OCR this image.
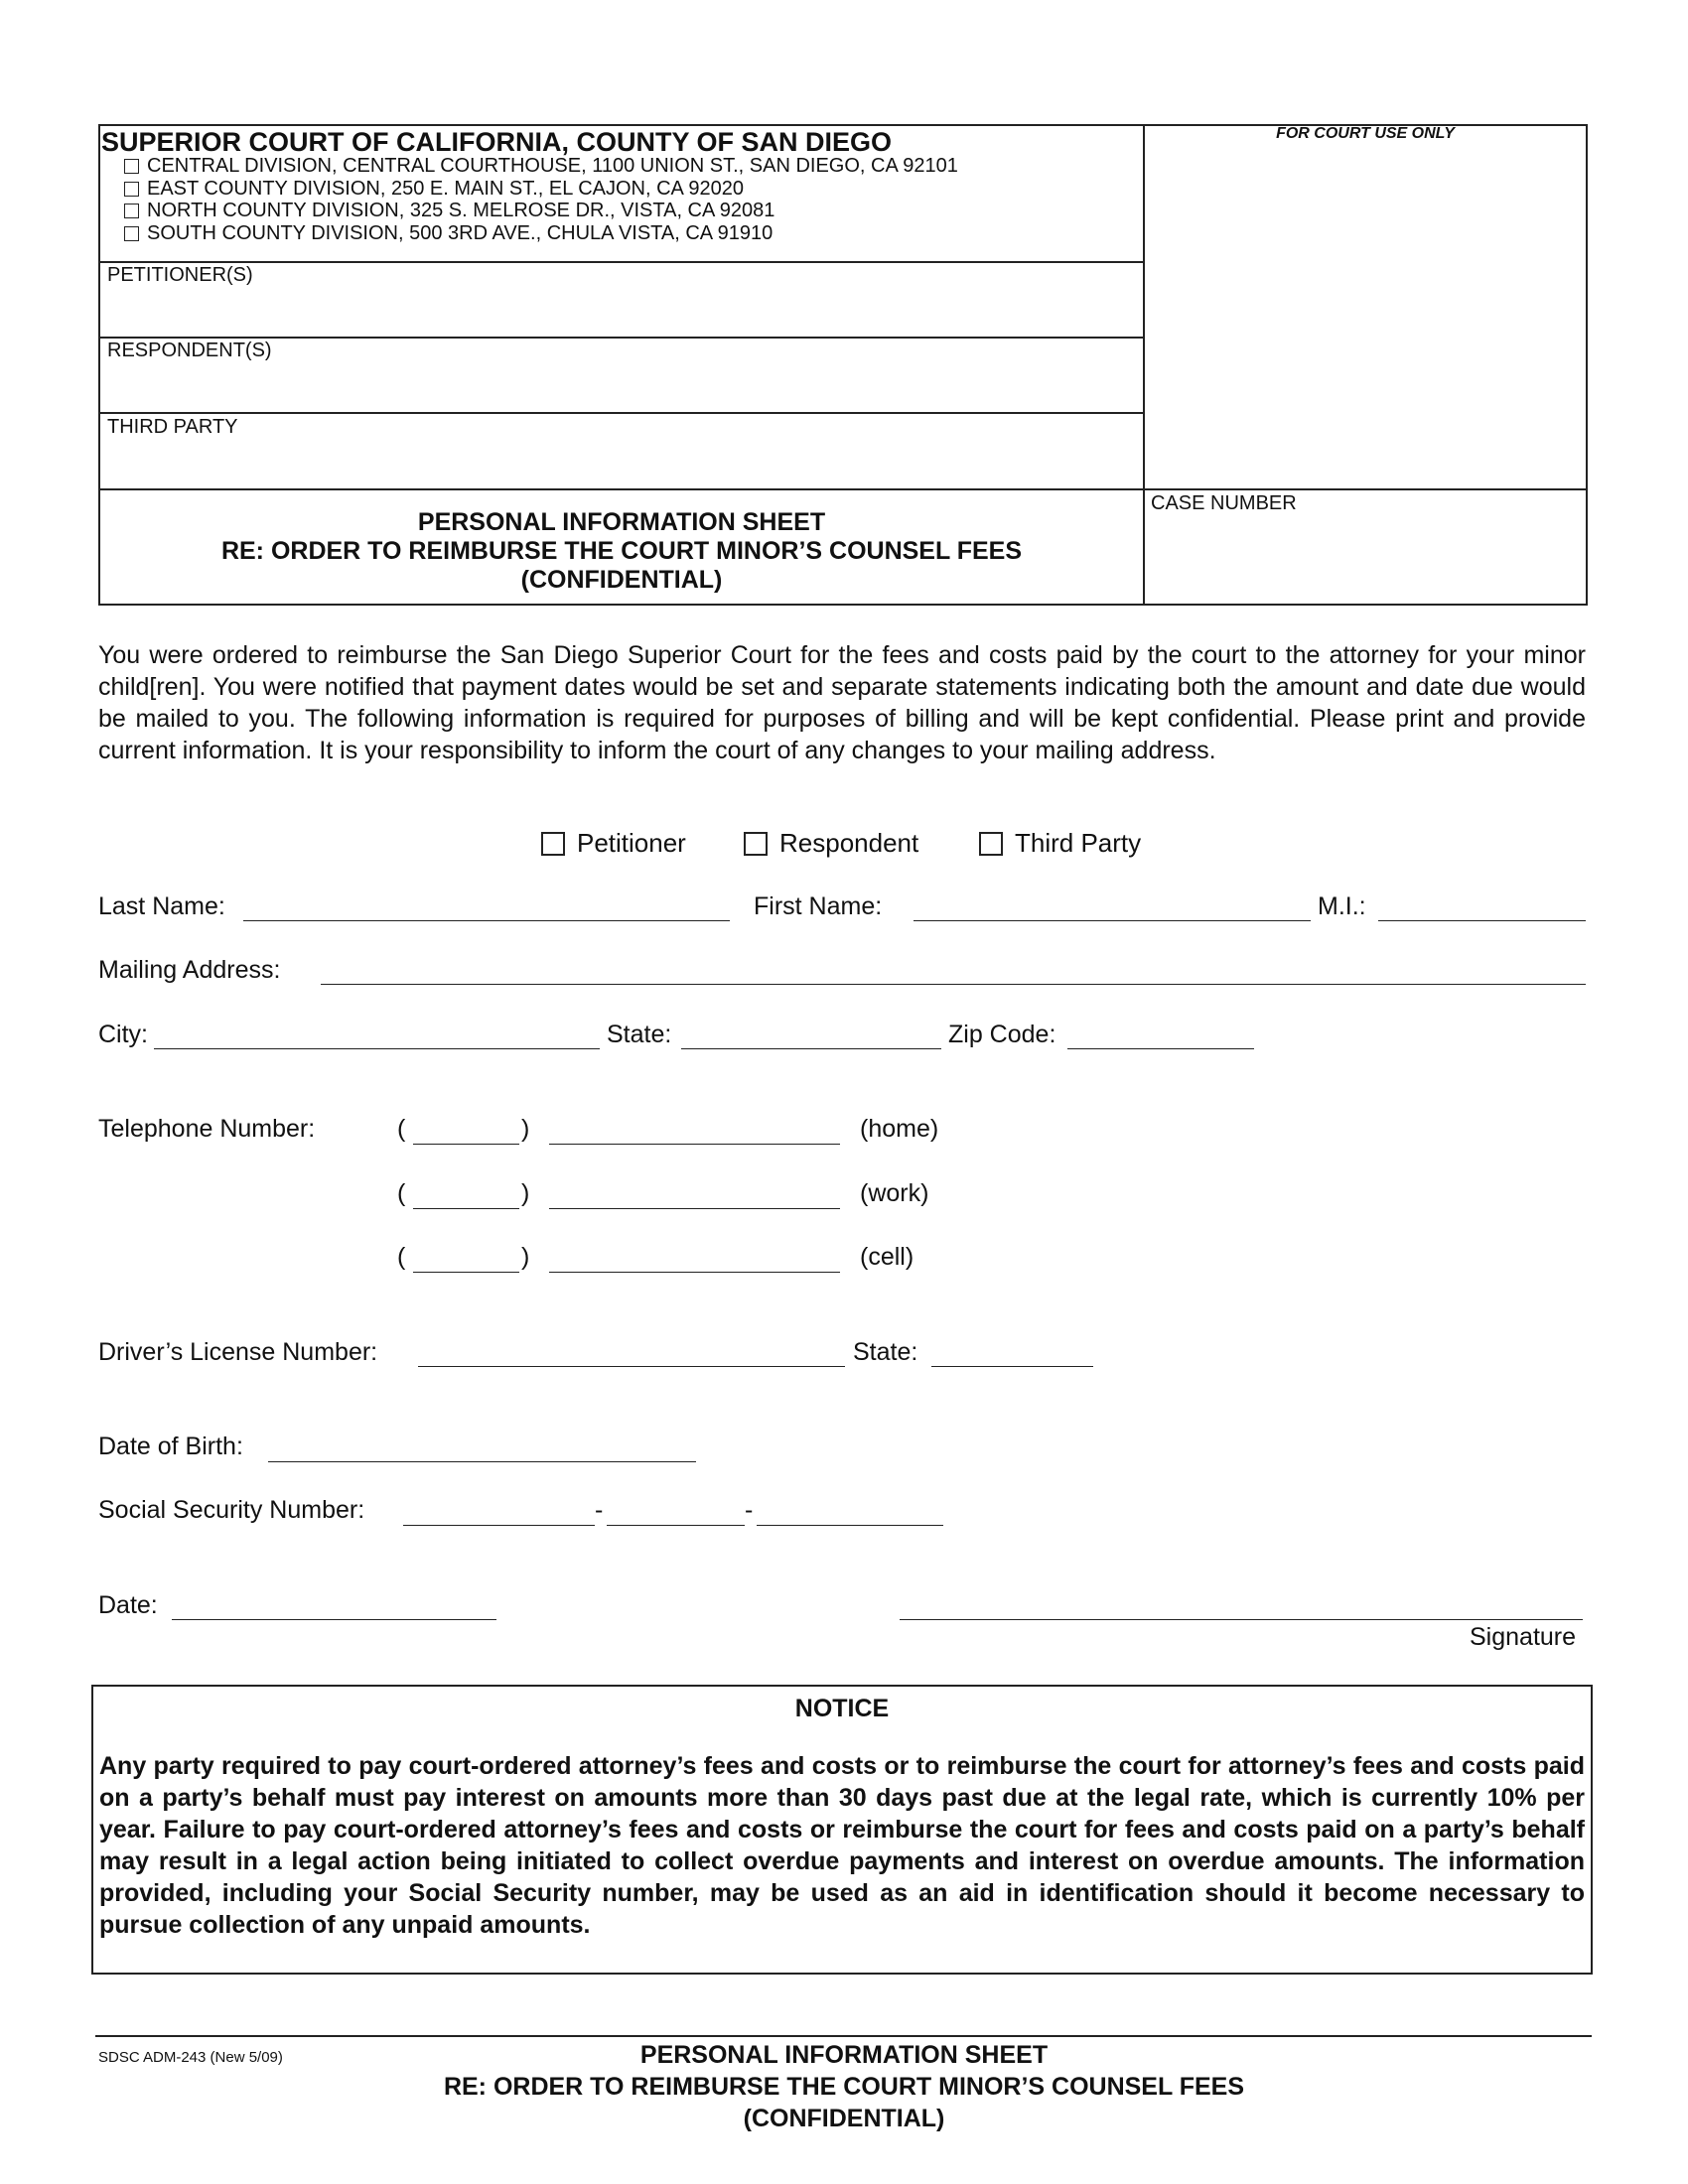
SUPERIOR COURT OF CALIFORNIA, COUNTY OF SAN DIEGO
CENTRAL DIVISION, CENTRAL COURTHOUSE, 1100 UNION ST., SAN DIEGO, CA 92101
EAST COUNTY DIVISION, 250 E. MAIN ST., EL CAJON, CA 92020
NORTH COUNTY DIVISION, 325 S. MELROSE DR., VISTA, CA 92081
SOUTH COUNTY DIVISION, 500 3RD AVE., CHULA VISTA, CA 91910
FOR COURT USE ONLY
PETITIONER(S)
RESPONDENT(S)
THIRD PARTY
CASE NUMBER
PERSONAL INFORMATION SHEET
RE: ORDER TO REIMBURSE THE COURT MINOR’S COUNSEL FEES
(CONFIDENTIAL)
You were ordered to reimburse the San Diego Superior Court for the fees and costs paid by the court to the attorney for your minor child[ren]. You were notified that payment dates would be set and separate statements indicating both the amount and date due would be mailed to you. The following information is required for purposes of billing and will be kept confidential. Please print and provide current information. It is your responsibility to inform the court of any changes to your mailing address.
Petitioner	Respondent	Third Party
Last Name:	First Name:	M.I.:
Mailing Address:
City:	State:	Zip Code:
Telephone Number:	(	)	(home)
(	)	(work)
(	)	(cell)
Driver’s License Number:	State:
Date of Birth:
Social Security Number:	-	-
Date:
Signature
NOTICE
Any party required to pay court-ordered attorney’s fees and costs or to reimburse the court for attorney’s fees and costs paid on a party’s behalf must pay interest on amounts more than 30 days past due at the legal rate, which is currently 10% per year. Failure to pay court-ordered attorney’s fees and costs or reimburse the court for fees and costs paid on a party’s behalf may result in a legal action being initiated to collect overdue payments and interest on overdue amounts. The information provided, including your Social Security number, may be used as an aid in identification should it become necessary to pursue collection of any unpaid amounts.
SDSC ADM-243 (New 5/09)	PERSONAL INFORMATION SHEET
RE: ORDER TO REIMBURSE THE COURT MINOR’S COUNSEL FEES
(CONFIDENTIAL)
